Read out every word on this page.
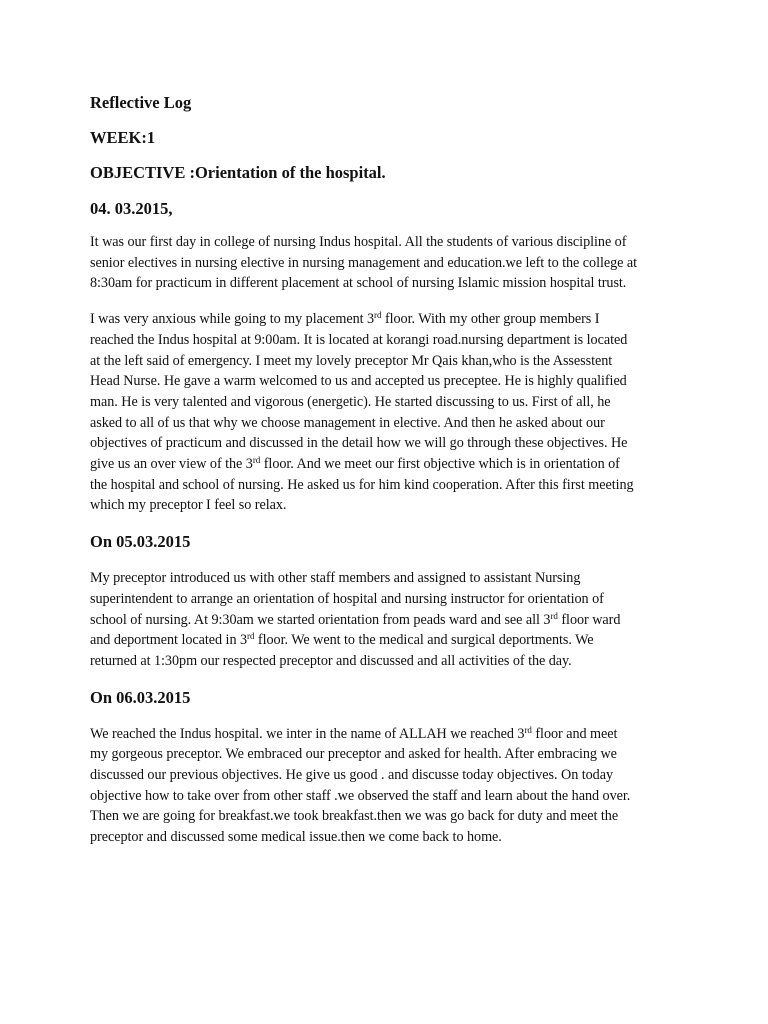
Reflective Log
WEEK:1
OBJECTIVE :Orientation of the hospital.
04. 03.2015,
It was our first day in college of nursing Indus hospital. All the students of various discipline of
senior electives in nursing elective in nursing management and education.we left to the college at
8:30am for practicum in different placement at school of nursing Islamic mission hospital trust.
I was very anxious while going to my placement 3rd floor. With my other group members I
reached the Indus hospital at 9:00am. It is located at korangi road.nursing department is located
at the left said of emergency. I meet my lovely preceptor Mr Qais khan,who is the Assesstent
Head Nurse. He gave a warm welcomed to us and accepted us preceptee. He is highly qualified
man. He is very talented and vigorous (energetic). He started discussing to us. First of all, he
asked to all of us that why we choose management in elective. And then he asked about our
objectives of practicum and discussed in the detail how we will go through these objectives. He
give us an over view of the 3rd floor. And we meet our first objective which is in orientation of
the hospital and school of nursing. He asked us for him kind cooperation. After this first meeting
which my preceptor I feel so relax.
On 05.03.2015
My preceptor introduced us with other staff members and assigned to assistant Nursing
superintendent to arrange an orientation of hospital and nursing instructor for orientation of
school of nursing. At 9:30am we started orientation from peads ward and see all 3rd floor ward
and deportment located in 3rd floor. We went to the medical and surgical deportments. We
returned at 1:30pm our respected preceptor and discussed and all activities of the day.
On 06.03.2015
We reached the Indus hospital. we inter in the name of ALLAH we reached 3rd floor and meet
my gorgeous preceptor. We embraced our preceptor and asked for health. After embracing we
discussed our previous objectives. He give us good . and discusse today objectives. On today
objective how to take over from other staff .we observed the staff and learn about the hand over.
Then we are going for breakfast.we took breakfast.then we was go back for duty and meet the
preceptor and discussed some medical issue.then we come back to home.
